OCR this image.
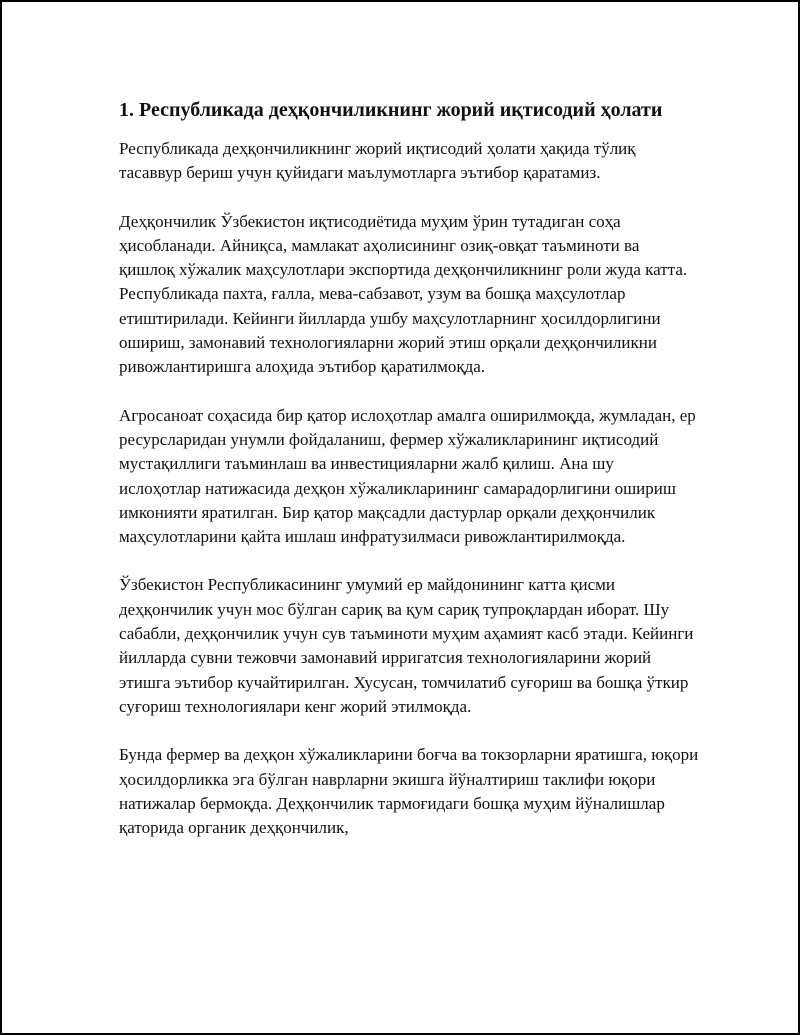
1. Республикада деҳқончиликнинг жорий иқтисодий ҳолати

Республикада деҳқончиликнинг жорий иқтисодий ҳолати ҳақида тўлиқ тасаввур бериш учун қуйидаги маълумотларга эътибор қаратамиз.

Деҳқончилик Ўзбекистон иқтисодиётида муҳим ўрин тутадиган соҳа ҳисобланади. Айниқса, мамлакат аҳолисининг озиқ-овқат таъминоти ва қишлоқ хўжалик маҳсулотлари экспортида деҳқончиликнинг роли жуда катта. Республикада пахта, ғалла, мева-сабзавот, узум ва бошқа маҳсулотлар етиштирилади. Кейинги йилларда ушбу маҳсулотларнинг ҳосилдорлигини ошириш, замонавий технологияларни жорий этиш орқали деҳқончиликни ривожлантиришга алоҳида эътибор қаратилмоқда.

Агросаноат соҳасида бир қатор ислоҳотлар амалга оширилмоқда, жумладан, ер ресурсларидан унумли фойдаланиш, фермер хўжаликларининг иқтисодий мустақиллиги таъминлаш ва инвестицияларни жалб қилиш. Ана шу ислоҳотлар натижасида деҳқон хўжаликларининг самарадорлигини ошириш имконияти яратилган. Бир қатор мақсадли дастурлар орқали деҳқончилик маҳсулотларини қайта ишлаш инфратузилмаси ривожлантирилмоқда.

Ўзбекистон Республикасининг умумий ер майдонининг катта қисми деҳқончилик учун мос бўлган сариқ ва қум сариқ тупроқлардан иборат. Шу сабабли, деҳқончилик учун сув таъминоти муҳим аҳамият касб этади. Кейинги йилларда сувни тежовчи замонавий ирригатсия технологияларини жорий этишга эътибор кучайтирилган. Хусусан, томчилатиб суғориш ва бошқа ўткир суғориш технологиялари кенг жорий этилмоқда.

Бунда фермер ва деҳқон хўжаликларини боғча ва токзорларни яратишга, юқори ҳосилдорликка эга бўлган наврларни экишга йўналтириш таклифи юқори натижалар бермоқда. Деҳқончилик тармоғидаги бошқа муҳим йўналишлар қаторида органик деҳқончилик,
